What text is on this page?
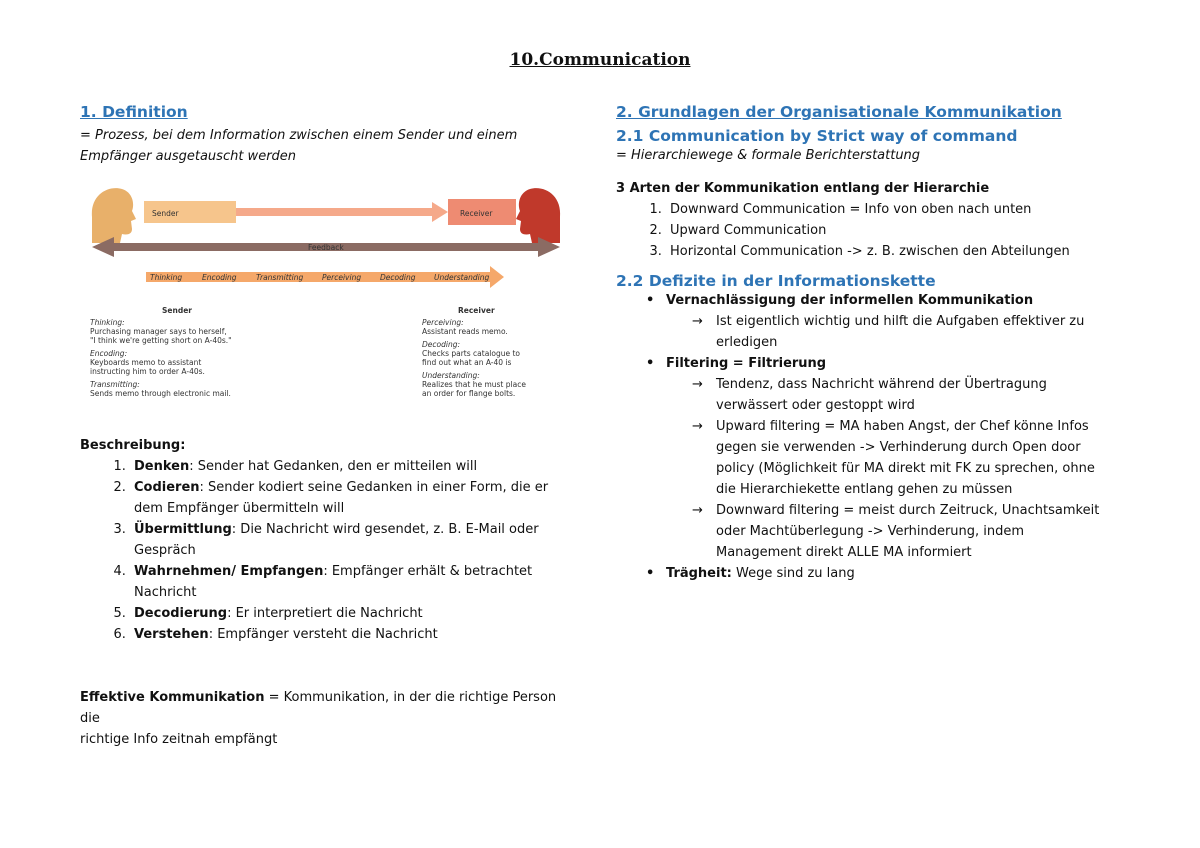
10.Communication
1. Definition

= Prozess, bei dem Information zwischen einem Sender und einem

Empfänger ausgetauscht werden

Sender	Receiver
Feedback
Thinking	Encoding	Transmitting	Perceiving	Decoding Understanding
Sender
Thinking:
Purchasing manager says to herself,
"I think we're getting short on A-40s."
Encoding:
Keyboards memo to assistant
instructing him to order A-40s.
Transmitting:
Sends memo through electronic mail.
Receiver
Perceiving:
Assistant reads memo.
Decoding:
Checks parts catalogue to
find out what an A-40 is
Understanding:
Realizes that he must place
an order for flange bolts.

Beschreibung:

1. Denken: Sender hat Gedanken, den er mitteilen will
2. Codieren: Sender kodiert seine Gedanken in einer Form, die er dem Empfänger übermitteln will
3. Übermittlung: Die Nachricht wird gesendet, z. B. E-Mail oder Gespräch
4. Wahrnehmen/ Empfangen: Empfänger erhält & betrachtet Nachricht
5. Decodierung: Er interpretiert die Nachricht
6. Verstehen: Empfänger versteht die Nachricht

Effektive Kommunikation = Kommunikation, in der die richtige Person die

richtige Info zeitnah empfängt

2. Grundlagen der Organisationale Kommunikation
2.1 Communication by Strict way of command

= Hierarchiewege & formale Berichterstattung

3 Arten der Kommunikation entlang der Hierarchie

1. Downward Communication = Info von oben nach unten
2. Upward Communication
3. Horizontal Communication -> z. B. zwischen den Abteilungen
2.2 Defizite in der Informationskette

• Vernachlässigung der informellen Kommunikation

→ Ist eigentlich wichtig und hilft die Aufgaben effektiver zu

erledigen

• Filtering = Filtrierung

→ Tendenz, dass Nachricht während der Übertragung

verwässert oder gestoppt wird

→ Upward filtering = MA haben Angst, der Chef könne Infos

gegen sie verwenden -> Verhinderung durch Open door

policy (Möglichkeit für MA direkt mit FK zu sprechen, ohne

die Hierarchiekette entlang gehen zu müssen

→ Downward filtering = meist durch Zeitruck, Unachtsamkeit

oder Machtüberlegung -> Verhinderung, indem

Management direkt ALLE MA informiert

• Trägheit: Wege sind zu lang
